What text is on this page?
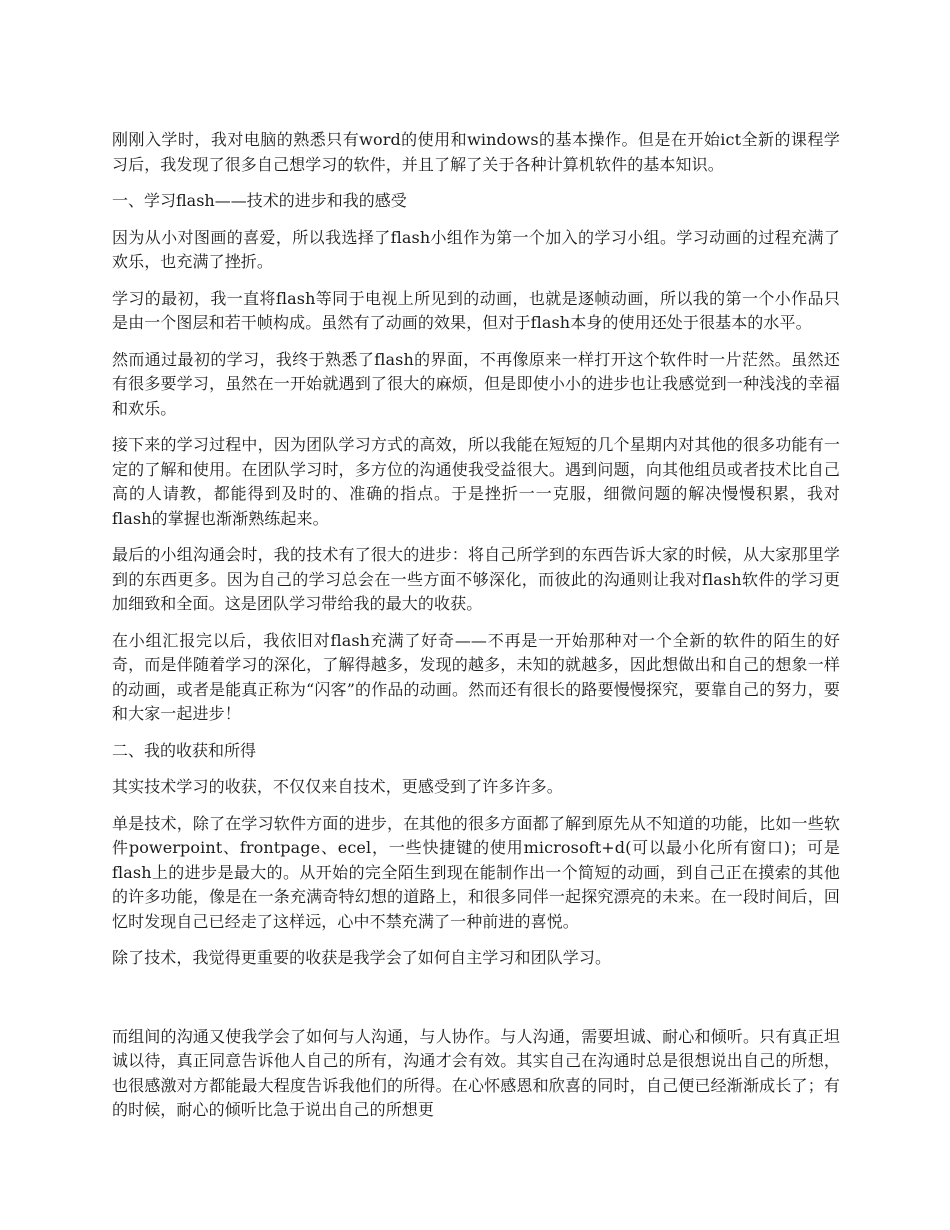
刚刚入学时，我对电脑的熟悉只有word的使用和windows的基本操作。但是在开始ict全新的课程学习后，我发现了很多自己想学习的软件，并且了解了关于各种计算机软件的基本知识。

一、学习flash——技术的进步和我的感受

因为从小对图画的喜爱，所以我选择了flash小组作为第一个加入的学习小组。学习动画的过程充满了欢乐，也充满了挫折。

学习的最初，我一直将flash等同于电视上所见到的动画，也就是逐帧动画，所以我的第一个小作品只是由一个图层和若干帧构成。虽然有了动画的效果，但对于flash本身的使用还处于很基本的水平。

然而通过最初的学习，我终于熟悉了flash的界面，不再像原来一样打开这个软件时一片茫然。虽然还有很多要学习，虽然在一开始就遇到了很大的麻烦，但是即使小小的进步也让我感觉到一种浅浅的幸福和欢乐。

接下来的学习过程中，因为团队学习方式的高效，所以我能在短短的几个星期内对其他的很多功能有一定的了解和使用。在团队学习时，多方位的沟通使我受益很大。遇到问题，向其他组员或者技术比自己高的人请教，都能得到及时的、准确的指点。于是挫折一一克服，细微问题的解决慢慢积累，我对flash的掌握也渐渐熟练起来。

最后的小组沟通会时，我的技术有了很大的进步：将自己所学到的东西告诉大家的时候，从大家那里学到的东西更多。因为自己的学习总会在一些方面不够深化，而彼此的沟通则让我对flash软件的学习更加细致和全面。这是团队学习带给我的最大的收获。

在小组汇报完以后，我依旧对flash充满了好奇——不再是一开始那种对一个全新的软件的陌生的好奇，而是伴随着学习的深化，了解得越多，发现的越多，未知的就越多，因此想做出和自己的想象一样的动画，或者是能真正称为“闪客”的作品的动画。然而还有很长的路要慢慢探究，要靠自己的努力，要和大家一起进步！

二、我的收获和所得

其实技术学习的收获，不仅仅来自技术，更感受到了许多许多。

单是技术，除了在学习软件方面的进步，在其他的很多方面都了解到原先从不知道的功能，比如一些软件powerpoint、frontpage、ecel，一些快捷键的使用microsoft+d(可以最小化所有窗口)；可是flash上的进步是最大的。从开始的完全陌生到现在能制作出一个简短的动画，到自己正在摸索的其他的许多功能，像是在一条充满奇特幻想的道路上，和很多同伴一起探究漂亮的未来。在一段时间后，回忆时发现自己已经走了这样远，心中不禁充满了一种前进的喜悦。

除了技术，我觉得更重要的收获是我学会了如何自主学习和团队学习。

而组间的沟通又使我学会了如何与人沟通，与人协作。与人沟通，需要坦诚、耐心和倾听。只有真正坦诚以待，真正同意告诉他人自己的所有，沟通才会有效。其实自己在沟通时总是很想说出自己的所想，也很感激对方都能最大程度告诉我他们的所得。在心怀感恩和欣喜的同时，自己便已经渐渐成长了；有的时候，耐心的倾听比急于说出自己的所想更
